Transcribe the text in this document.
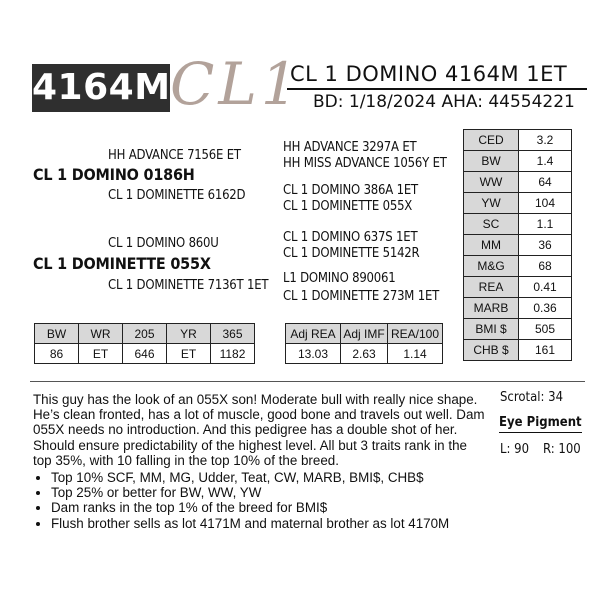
4164M CL1
CL 1 DOMINO 4164M 1ET
BD: 1/18/2024 AHA: 44554221
HH ADVANCE 7156E ET
CL 1 DOMINO 0186H
CL 1 DOMINETTE 6162D
CL 1 DOMINO 860U
CL 1 DOMINETTE 055X
CL 1 DOMINETTE 7136T 1ET
HH ADVANCE 3297A ET
HH MISS ADVANCE 1056Y ET
CL 1 DOMINO 386A 1ET
CL 1 DOMINETTE 055X
CL 1 DOMINO 637S 1ET
CL 1 DOMINETTE 5142R
L1 DOMINO 890061
CL 1 DOMINETTE 273M 1ET
CED	3.2
BW	1.4
WW	64
YW	104
SC	1.1
MM	36
M&G	68
REA	0.41
MARB	0.36
BMI $	505
CHB $	161
BW	WR	205	YR	365
86	ET	646	ET	1182
Adj REA	Adj IMF	REA/100
13.03	2.63	1.14
This guy has the look of an 055X son! Moderate bull with really nice shape. He’s clean fronted, has a lot of muscle, good bone and travels out well. Dam 055X needs no introduction. And this pedigree has a double shot of her. Should ensure predictability of the highest level. All but 3 traits rank in the top 35%, with 10 falling in the top 10% of the breed.
• Top 10% SCF, MM, MG, Udder, Teat, CW, MARB, BMI$, CHB$
• Top 25% or better for BW, WW, YW
• Dam ranks in the top 1% of the breed for BMI$
• Flush brother sells as lot 4171M and maternal brother as lot 4170M
Scrotal: 34
Eye Pigment
L: 90 R: 100
